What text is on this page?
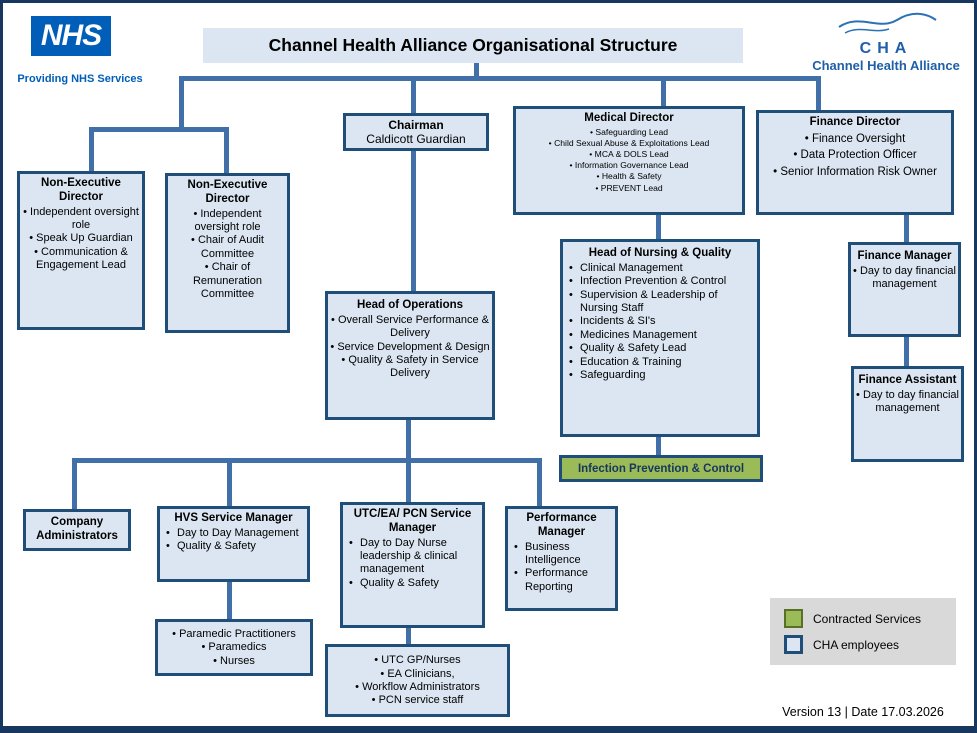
NHS
Providing NHS Services
CHA
Channel Health Alliance
Channel Health Alliance Organisational Structure
Chairman
Caldicott Guardian
Medical Director
• Safeguarding Lead
• Child Sexual Abuse & Exploitations Lead
• MCA & DOLS Lead
• Information Governance Lead
• Health & Safety
• PREVENT Lead
Finance Director
• Finance Oversight
• Data Protection Officer
• Senior Information Risk Owner
Non-Executive Director
• Independent oversight role
• Speak Up Guardian
• Communication & Engagement Lead
Non-Executive Director
• Independent oversight role
• Chair of Audit Committee
• Chair of Remuneration Committee
Head of Operations
• Overall Service Performance & Delivery
• Service Development & Design
• Quality & Safety in Service Delivery
Head of Nursing & Quality
• Clinical Management
• Infection Prevention & Control
• Supervision & Leadership of Nursing Staff
• Incidents & SI's
• Medicines Management
• Quality & Safety Lead
• Education & Training
• Safeguarding
Infection Prevention & Control
Finance Manager
• Day to day financial management
Finance Assistant
• Day to day financial management
Company Administrators
HVS Service Manager
• Day to Day Management
• Quality & Safety
• Paramedic Practitioners
• Paramedics
• Nurses
UTC/EA/ PCN Service Manager
• Day to Day Nurse leadership & clinical management
• Quality & Safety
Performance Manager
• Business Intelligence
• Performance Reporting
• UTC GP/Nurses
• EA Clinicians,
• Workflow Administrators
• PCN service staff
Contracted Services
CHA employees
Version 13 | Date 17.03.2026
